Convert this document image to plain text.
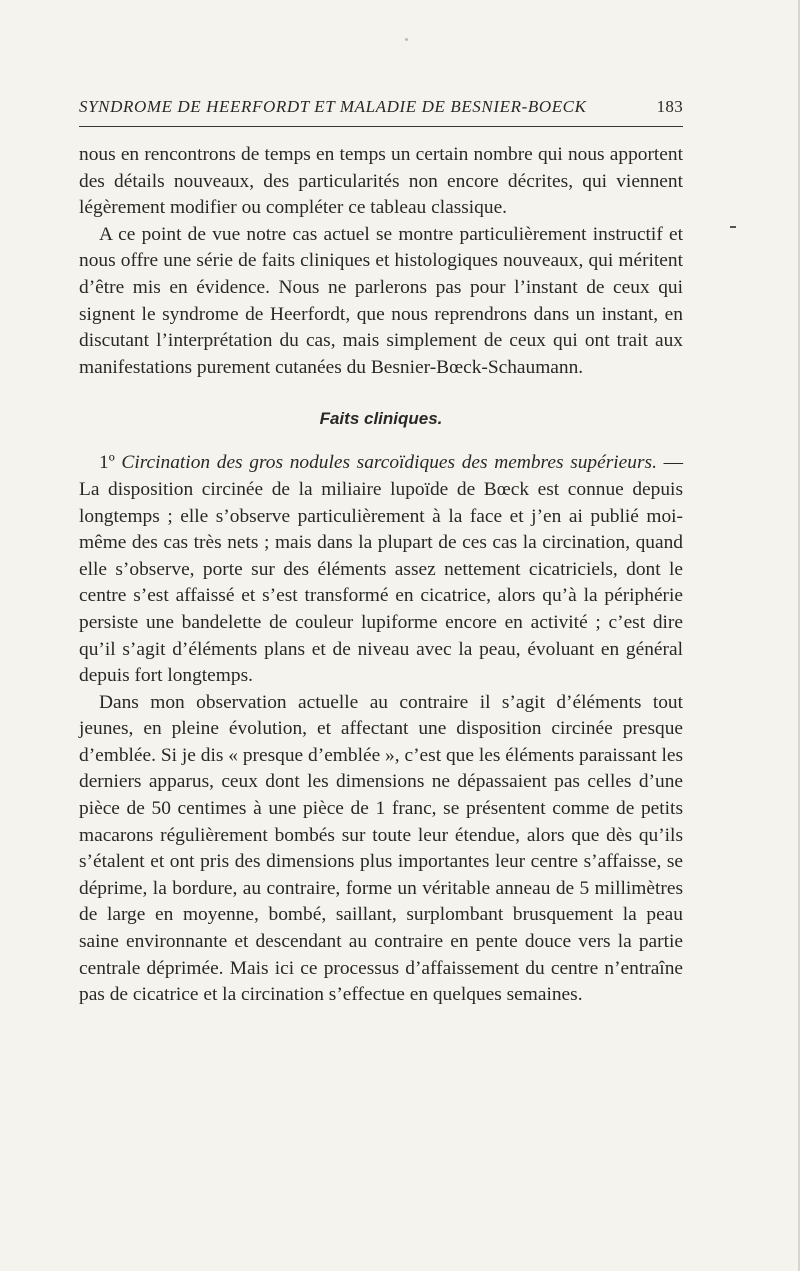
SYNDROME DE HEERFORDT ET MALADIE DE BESNIER-BOECK	183

nous en rencontrons de temps en temps un certain nombre qui nous apportent des détails nouveaux, des particularités non encore décrites, qui viennent légèrement modifier ou compléter ce tableau classique.

A ce point de vue notre cas actuel se montre particulièrement instructif et nous offre une série de faits cliniques et histologiques nouveaux, qui méritent d’être mis en évidence. Nous ne parlerons pas pour l’instant de ceux qui signent le syndrome de Heerfordt, que nous reprendrons dans un instant, en discutant l’interprétation du cas, mais simplement de ceux qui ont trait aux manifestations purement cutanées du Besnier-Bœck-Schaumann.

Faits cliniques.

1º Circination des gros nodules sarcoïdiques des membres supérieurs. — La disposition circinée de la miliaire lupoïde de Bœck est connue depuis longtemps ; elle s’observe particulièrement à la face et j’en ai publié moi-même des cas très nets ; mais dans la plupart de ces cas la circination, quand elle s’observe, porte sur des éléments assez nettement cicatriciels, dont le centre s’est affaissé et s’est transformé en cicatrice, alors qu’à la périphérie persiste une bandelette de couleur lupiforme encore en activité ; c’est dire qu’il s’agit d’éléments plans et de niveau avec la peau, évoluant en général depuis fort longtemps.

Dans mon observation actuelle au contraire il s’agit d’éléments tout jeunes, en pleine évolution, et affectant une disposition circinée presque d’emblée. Si je dis « presque d’emblée », c’est que les éléments paraissant les derniers apparus, ceux dont les dimensions ne dépassaient pas celles d’une pièce de 50 centimes à une pièce de 1 franc, se présentent comme de petits macarons régulièrement bombés sur toute leur étendue, alors que dès qu’ils s’étalent et ont pris des dimensions plus importantes leur centre s’affaisse, se déprime, la bordure, au contraire, forme un véritable anneau de 5 millimètres de large en moyenne, bombé, saillant, surplombant brusquement la peau saine environnante et descendant au contraire en pente douce vers la partie centrale déprimée. Mais ici ce processus d’affaissement du centre n’entraîne pas de cicatrice et la circination s’effectue en quelques semaines.
